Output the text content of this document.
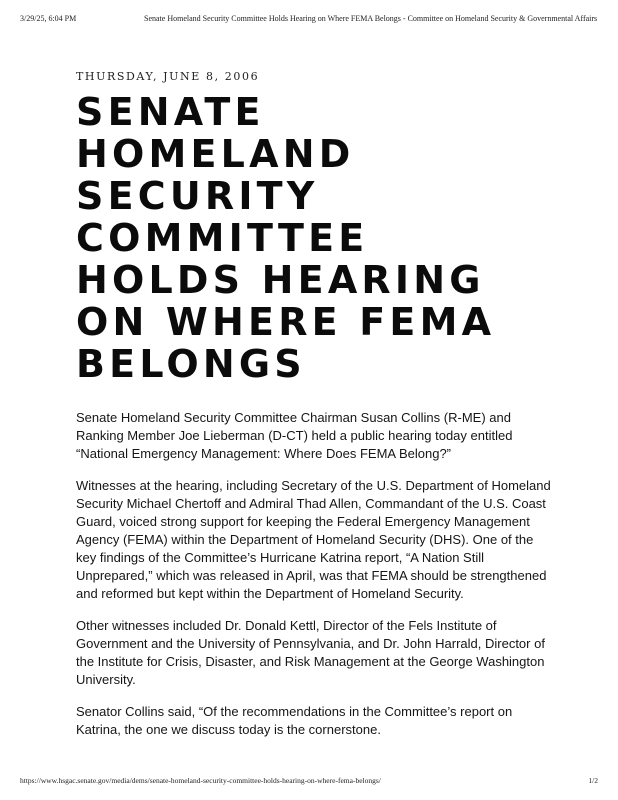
3/29/25, 6:04 PM	Senate Homeland Security Committee Holds Hearing on Where FEMA Belongs - Committee on Homeland Security & Governmental Affairs
THURSDAY, JUNE 8, 2006
SENATE
HOMELAND
SECURITY
COMMITTEE
HOLDS HEARING
ON WHERE FEMA
BELONGS

Senate Homeland Security Committee Chairman Susan Collins (R-ME) and Ranking Member Joe Lieberman (D-CT) held a public hearing today entitled “National Emergency Management: Where Does FEMA Belong?”

Witnesses at the hearing, including Secretary of the U.S. Department of Homeland Security Michael Chertoff and Admiral Thad Allen, Commandant of the U.S. Coast Guard, voiced strong support for keeping the Federal Emergency Management Agency (FEMA) within the Department of Homeland Security (DHS). One of the key findings of the Committee’s Hurricane Katrina report, “A Nation Still Unprepared,” which was released in April, was that FEMA should be strengthened and reformed but kept within the Department of Homeland Security.

Other witnesses included Dr. Donald Kettl, Director of the Fels Institute of Government and the University of Pennsylvania, and Dr. John Harrald, Director of the Institute for Crisis, Disaster, and Risk Management at the George Washington University.

Senator Collins said, “Of the recommendations in the Committee’s report on Katrina, the one we discuss today is the cornerstone.

https://www.hsgac.senate.gov/media/dems/senate-homeland-security-committee-holds-hearing-on-where-fema-belongs/	1/2
